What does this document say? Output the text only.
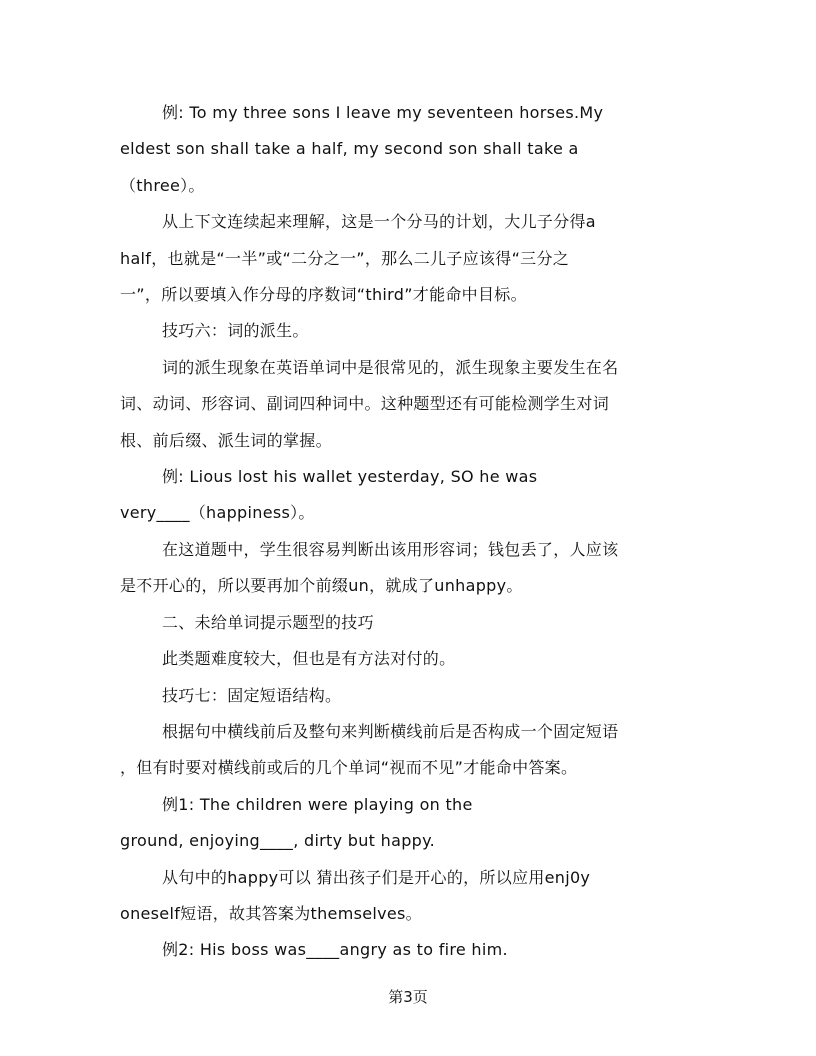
例: To my three sons I leave my seventeen horses.My

eldest son shall take a half, my second son shall take a

（three）。

从上下文连续起来理解，这是一个分马的计划，大儿子分得a

half，也就是“一半”或“二分之一”，那么二儿子应该得“三分之

一”，所以要填入作分母的序数词“third”才能命中目标。

技巧六：词的派生。

词的派生现象在英语单词中是很常见的，派生现象主要发生在名

词、动词、形容词、副词四种词中。这种题型还有可能检测学生对词

根、前后缀、派生词的掌握。

例: Lious lost his wallet yesterday, SO he was

very____（happiness）。

在这道题中，学生很容易判断出该用形容词；钱包丢了，人应该

是不开心的，所以要再加个前缀un，就成了unhappy。

二、未给单词提示题型的技巧

此类题难度较大，但也是有方法对付的。

技巧七：固定短语结构。

根据句中横线前后及整句来判断横线前后是否构成一个固定短语

，但有时要对横线前或后的几个单词“视而不见”才能命中答案。

例1: The children were playing on the

ground, enjoying____, dirty but happy.

从句中的happy可以 猜出孩子们是开心的，所以应用enj0y

oneself短语，故其答案为themselves。

例2: His boss was____angry as to fire him.

第3页
